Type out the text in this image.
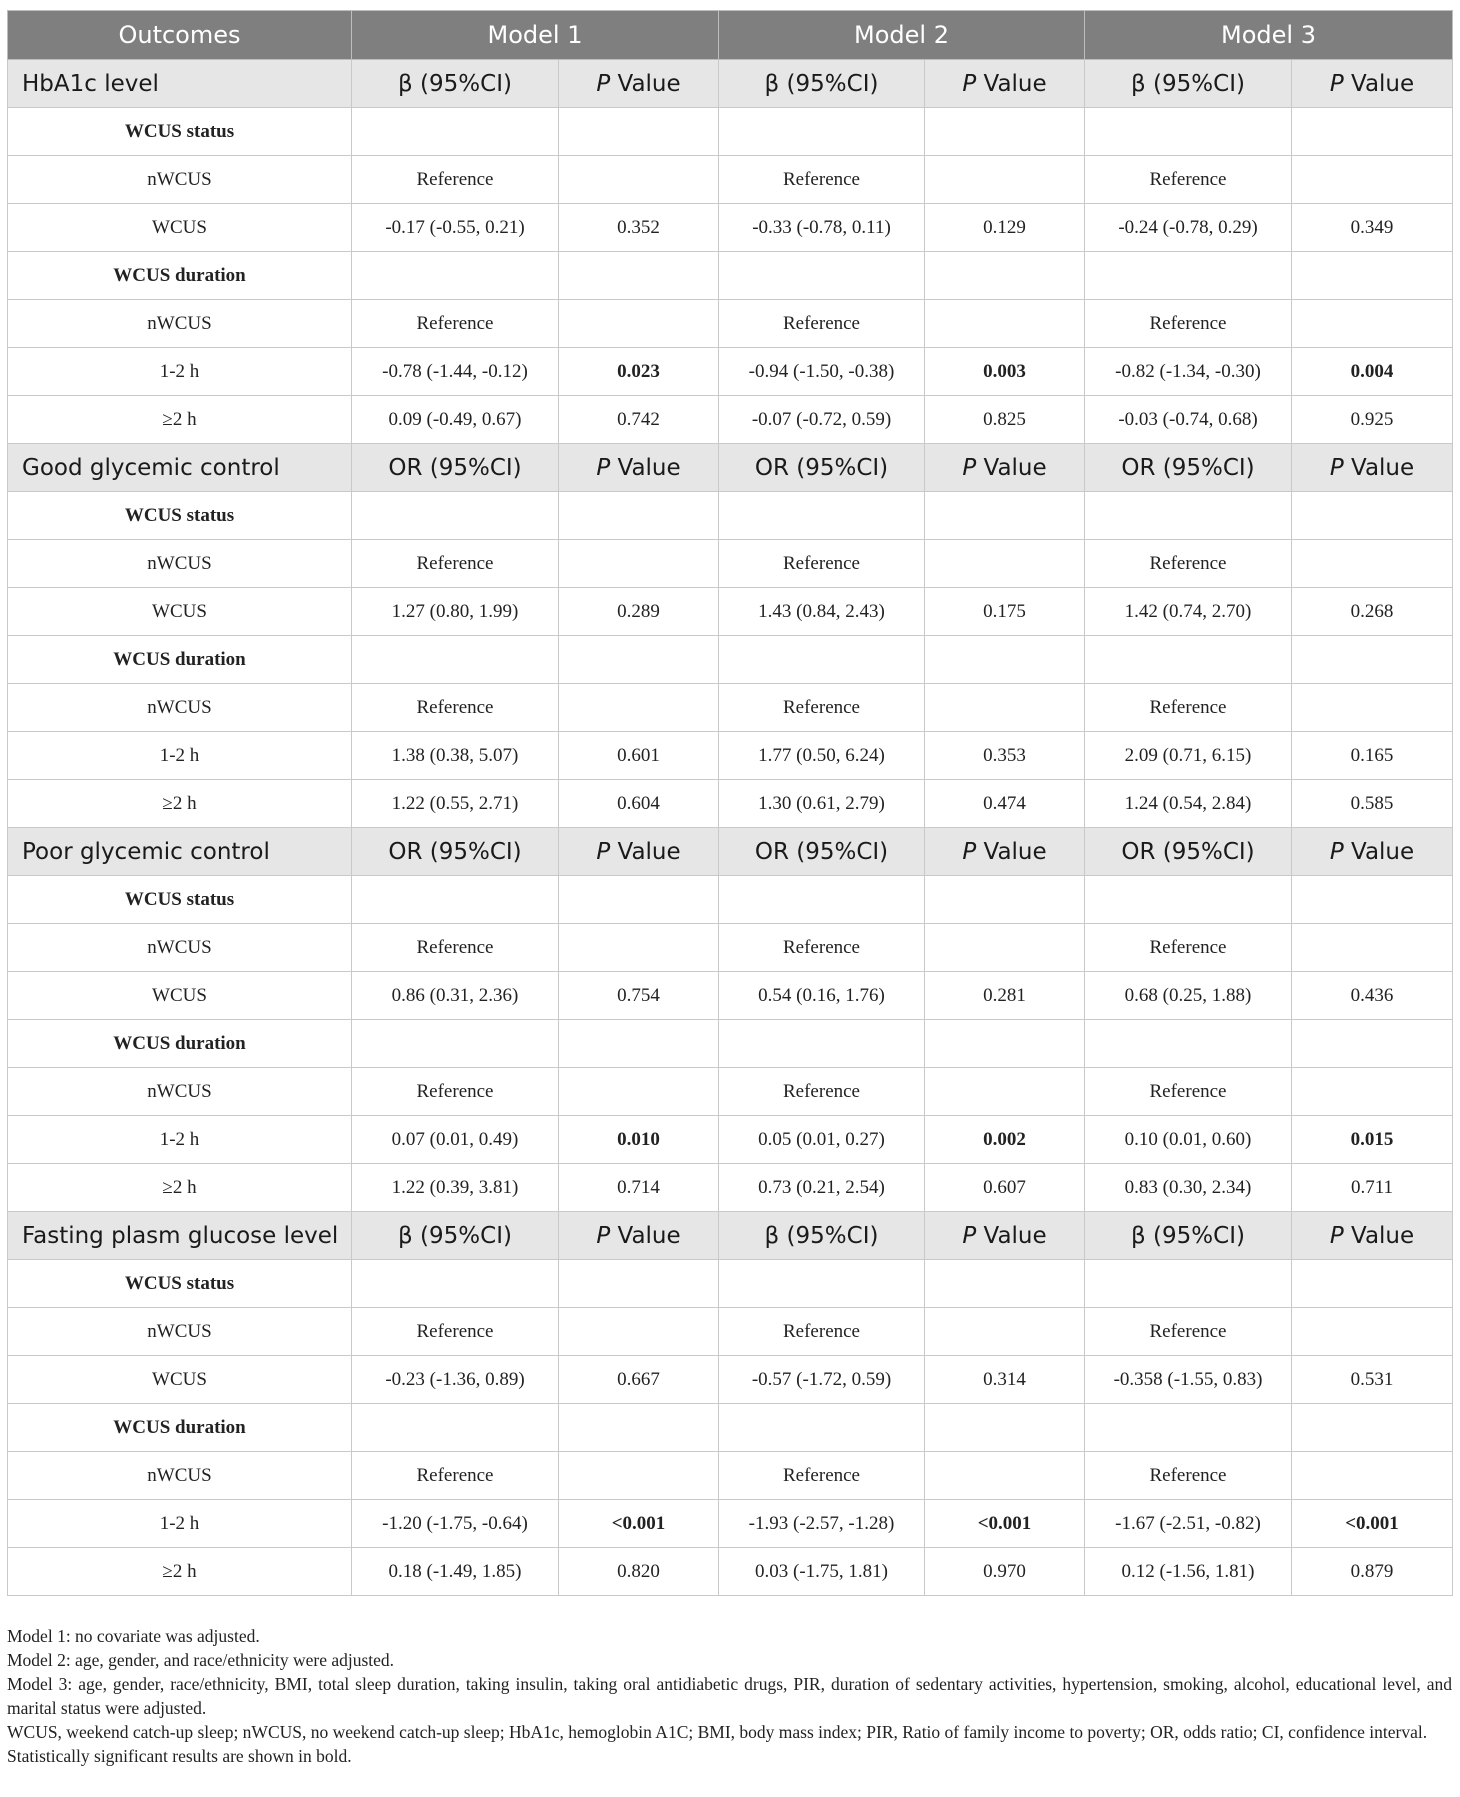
Outcomes	Model 1		Model 2		Model 3	
HbA1c level	β (95%CI)	P Value	β (95%CI)	P Value	β (95%CI)	P Value
WCUS status						
nWCUS	Reference		Reference		Reference	
WCUS	-0.17 (-0.55, 0.21)	0.352	-0.33 (-0.78, 0.11)	0.129	-0.24 (-0.78, 0.29)	0.349
WCUS duration						
nWCUS	Reference		Reference		Reference	
1-2 h	-0.78 (-1.44, -0.12)	0.023	-0.94 (-1.50, -0.38)	0.003	-0.82 (-1.34, -0.30)	0.004
≥2 h	0.09 (-0.49, 0.67)	0.742	-0.07 (-0.72, 0.59)	0.825	-0.03 (-0.74, 0.68)	0.925
Good glycemic control	OR (95%CI)	P Value	OR (95%CI)	P Value	OR (95%CI)	P Value
WCUS status						
nWCUS	Reference		Reference		Reference	
WCUS	1.27 (0.80, 1.99)	0.289	1.43 (0.84, 2.43)	0.175	1.42 (0.74, 2.70)	0.268
WCUS duration						
nWCUS	Reference		Reference		Reference	
1-2 h	1.38 (0.38, 5.07)	0.601	1.77 (0.50, 6.24)	0.353	2.09 (0.71, 6.15)	0.165
≥2 h	1.22 (0.55, 2.71)	0.604	1.30 (0.61, 2.79)	0.474	1.24 (0.54, 2.84)	0.585
Poor glycemic control	OR (95%CI)	P Value	OR (95%CI)	P Value	OR (95%CI)	P Value
WCUS status						
nWCUS	Reference		Reference		Reference	
WCUS	0.86 (0.31, 2.36)	0.754	0.54 (0.16, 1.76)	0.281	0.68 (0.25, 1.88)	0.436
WCUS duration						
nWCUS	Reference		Reference		Reference	
1-2 h	0.07 (0.01, 0.49)	0.010	0.05 (0.01, 0.27)	0.002	0.10 (0.01, 0.60)	0.015
≥2 h	1.22 (0.39, 3.81)	0.714	0.73 (0.21, 2.54)	0.607	0.83 (0.30, 2.34)	0.711
Fasting plasm glucose level	β (95%CI)	P Value	β (95%CI)	P Value	β (95%CI)	P Value
WCUS status						
nWCUS	Reference		Reference		Reference	
WCUS	-0.23 (-1.36, 0.89)	0.667	-0.57 (-1.72, 0.59)	0.314	-0.358 (-1.55, 0.83)	0.531
WCUS duration						
nWCUS	Reference		Reference		Reference	
1-2 h	-1.20 (-1.75, -0.64)	<0.001	-1.93 (-2.57, -1.28)	<0.001	-1.67 (-2.51, -0.82)	<0.001
≥2 h	0.18 (-1.49, 1.85)	0.820	0.03 (-1.75, 1.81)	0.970	0.12 (-1.56, 1.81)	0.879

Model 1: no covariate was adjusted.

Model 2: age, gender, and race/ethnicity were adjusted.

Model 3: age, gender, race/ethnicity, BMI, total sleep duration, taking insulin, taking oral antidiabetic drugs, PIR, duration of sedentary activities, hypertension, smoking, alcohol, educational level, and marital status were adjusted.

WCUS, weekend catch-up sleep; nWCUS, no weekend catch-up sleep; HbA1c, hemoglobin A1C; BMI, body mass index; PIR, Ratio of family income to poverty; OR, odds ratio; CI, confidence interval.

Statistically significant results are shown in bold.
